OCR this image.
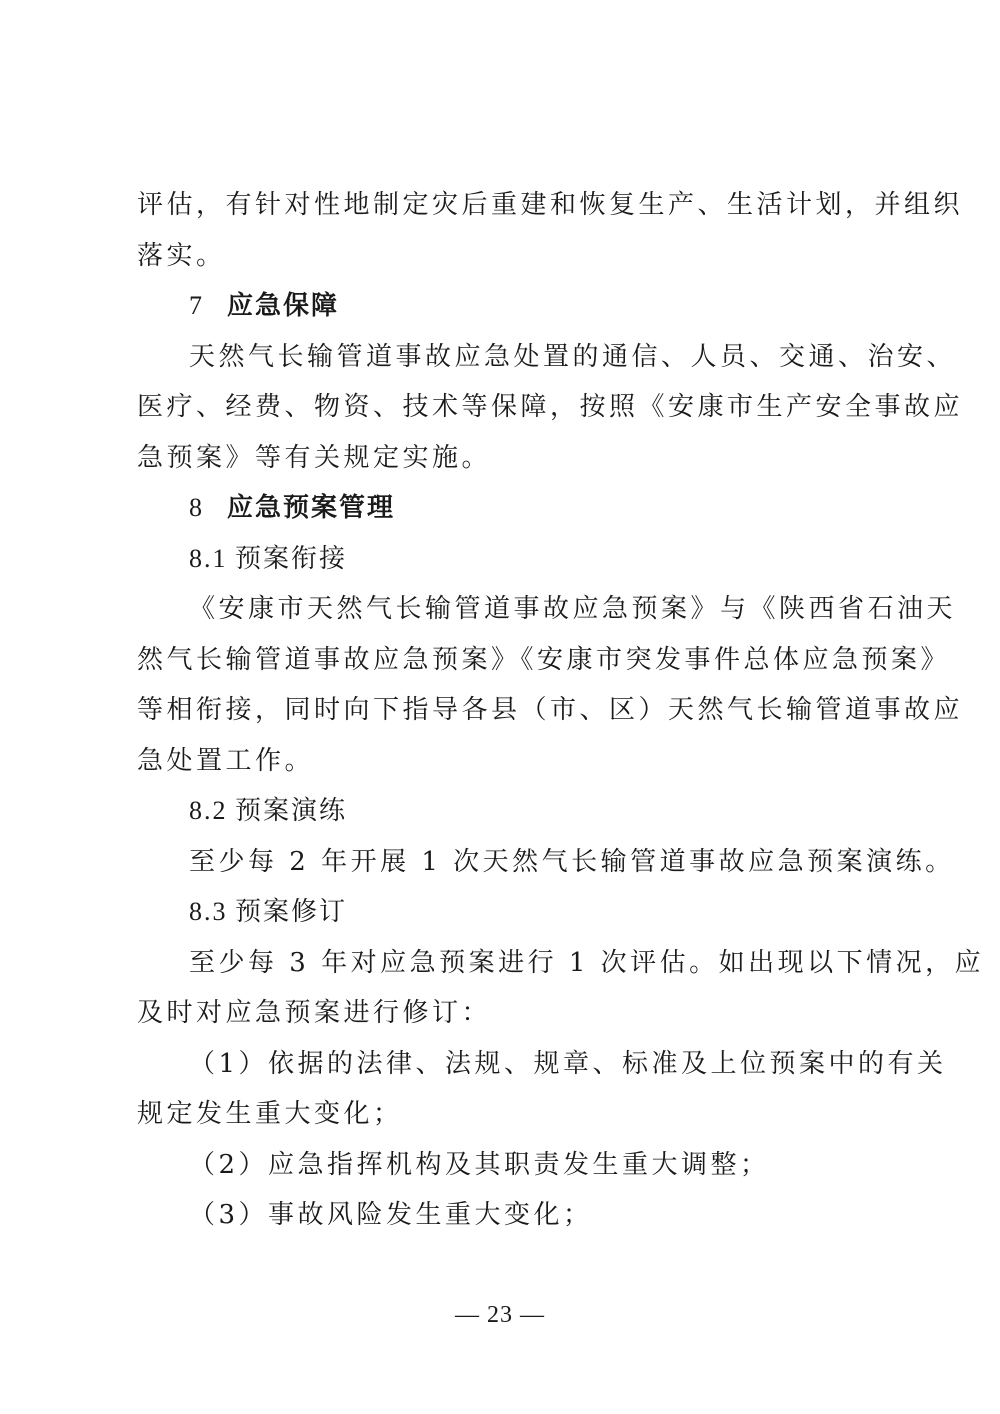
评估，有针对性地制定灾后重建和恢复生产、生活计划，并组织
落实。
7 应急保障
天然气长输管道事故应急处置的通信、人员、交通、治安、
医疗、经费、物资、技术等保障，按照《安康市生产安全事故应
急预案》等有关规定实施。
8 应急预案管理
8.1 预案衔接
《安康市天然气长输管道事故应急预案》与《陕西省石油天
然气长输管道事故应急预案》《安康市突发事件总体应急预案》
等相衔接，同时向下指导各县（市、区）天然气长输管道事故应
急处置工作。
8.2 预案演练
至少每 2 年开展 1 次天然气长输管道事故应急预案演练。
8.3 预案修订
至少每 3 年对应急预案进行 1 次评估。如出现以下情况，应
及时对应急预案进行修订：
（1）依据的法律、法规、规章、标准及上位预案中的有关
规定发生重大变化；
（2）应急指挥机构及其职责发生重大调整；
（3）事故风险发生重大变化；
— 23 —
